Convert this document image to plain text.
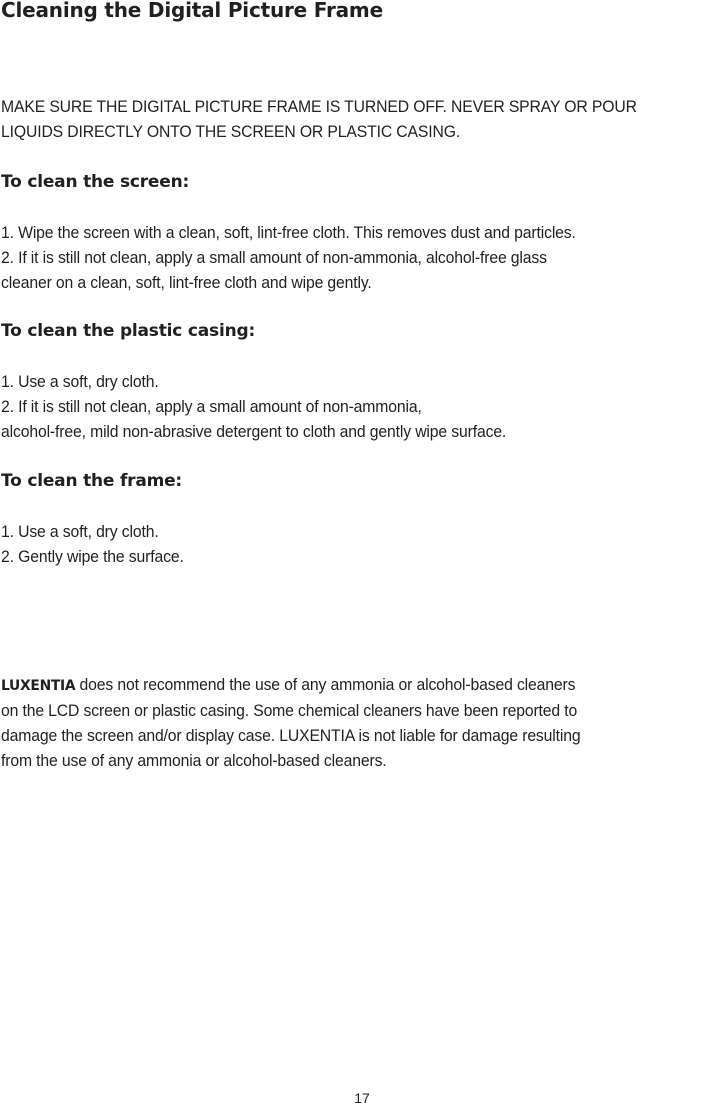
Cleaning the Digital Picture Frame
MAKE SURE THE DIGITAL PICTURE FRAME IS TURNED OFF. NEVER SPRAY OR POUR
LIQUIDS DIRECTLY ONTO THE SCREEN OR PLASTIC CASING.
To clean the screen:
1. Wipe the screen with a clean, soft, lint-free cloth. This removes dust and particles.
2. If it is still not clean, apply a small amount of non-ammonia, alcohol-free glass
cleaner on a clean, soft, lint-free cloth and wipe gently.
To clean the plastic casing:
1. Use a soft, dry cloth.
2. If it is still not clean, apply a small amount of non-ammonia,
alcohol-free, mild non-abrasive detergent to cloth and gently wipe surface.
To clean the frame:
1. Use a soft, dry cloth.
2. Gently wipe the surface.
LUXENTIA does not recommend the use of any ammonia or alcohol-based cleaners
on the LCD screen or plastic casing. Some chemical cleaners have been reported to
damage the screen and/or display case. LUXENTIA is not liable for damage resulting
from the use of any ammonia or alcohol-based cleaners.

17
